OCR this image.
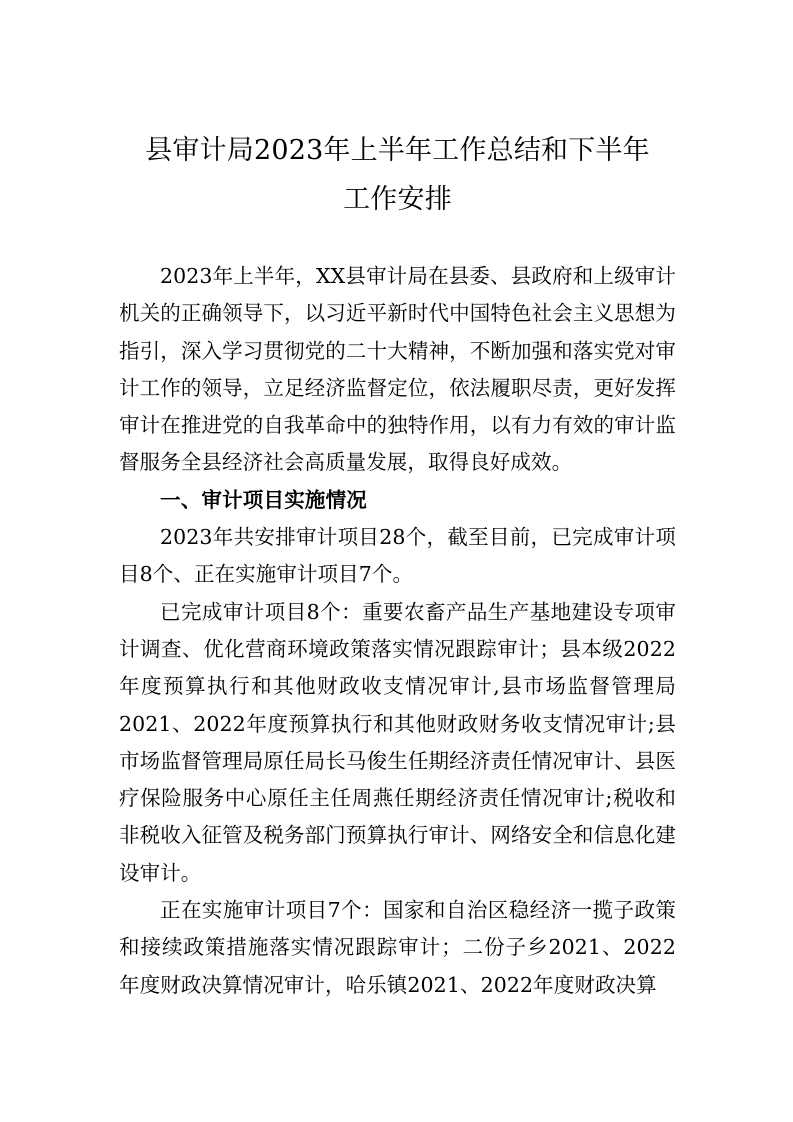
县审计局2023年上半年工作总结和下半年
工作安排

2023年上半年，XX县审计局在县委、县政府和上级审计机关的正确领导下，以习近平新时代中国特色社会主义思想为指引，深入学习贯彻党的二十大精神，不断加强和落实党对审计工作的领导，立足经济监督定位，依法履职尽责，更好发挥审计在推进党的自我革命中的独特作用，以有力有效的审计监督服务全县经济社会高质量发展，取得良好成效。

一、审计项目实施情况

2023年共安排审计项目28个，截至目前，已完成审计项目8个、正在实施审计项目7个。

已完成审计项目8个：重要农畜产品生产基地建设专项审计调查、优化营商环境政策落实情况跟踪审计；县本级2022年度预算执行和其他财政收支情况审计,县市场监督管理局2021、2022年度预算执行和其他财政财务收支情况审计;县市场监督管理局原任局长马俊生任期经济责任情况审计、县医疗保险服务中心原任主任周燕任期经济责任情况审计;税收和非税收入征管及税务部门预算执行审计、网络安全和信息化建设审计。

正在实施审计项目7个：国家和自治区稳经济一揽子政策和接续政策措施落实情况跟踪审计；二份子乡2021、2022年度财政决算情况审计，哈乐镇2021、2022年度财政决算
